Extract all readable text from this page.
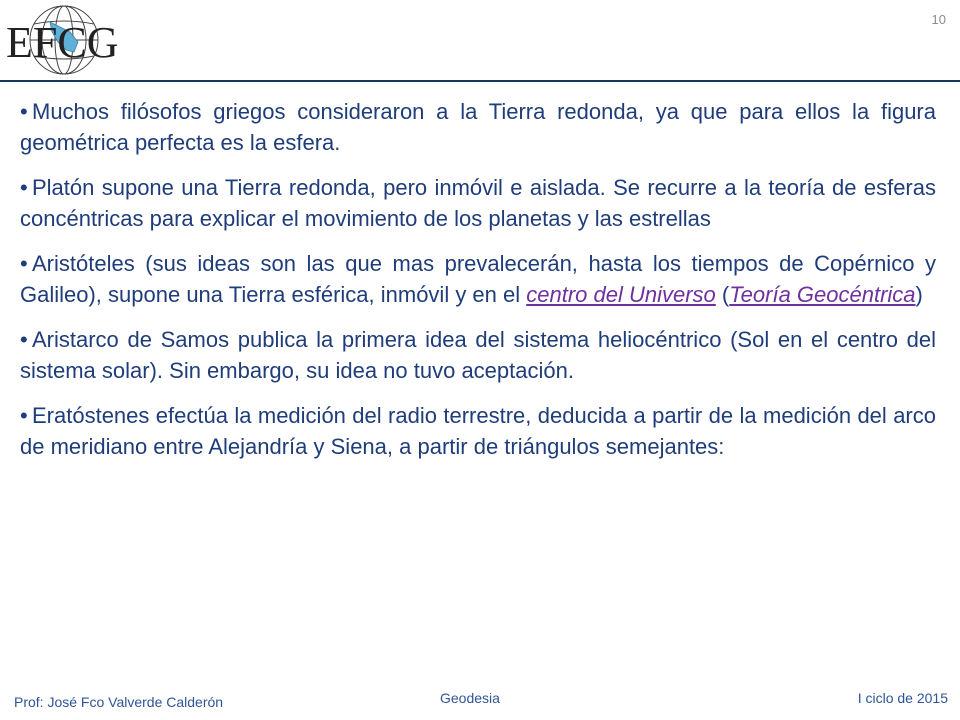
EFCG	10

• Muchos filósofos griegos consideraron a la Tierra redonda, ya que para ellos la figura geométrica perfecta es la esfera.

• Platón supone una Tierra redonda, pero inmóvil e aislada. Se recurre a la teoría de esferas concéntricas para explicar el movimiento de los planetas y las estrellas

• Aristóteles (sus ideas son las que mas prevalecerán, hasta los tiempos de Copérnico y Galileo), supone una Tierra esférica, inmóvil y en el centro del Universo (Teoría Geocéntrica)

• Aristarco de Samos publica la primera idea del sistema heliocéntrico (Sol en el centro del sistema solar). Sin embargo, su idea no tuvo aceptación.

• Eratóstenes efectúa la medición del radio terrestre, deducida a partir de la medición del arco de meridiano entre Alejandría y Siena, a partir de triángulos semejantes:

Prof: José Fco Valverde Calderón	Geodesia	I ciclo de 2015
